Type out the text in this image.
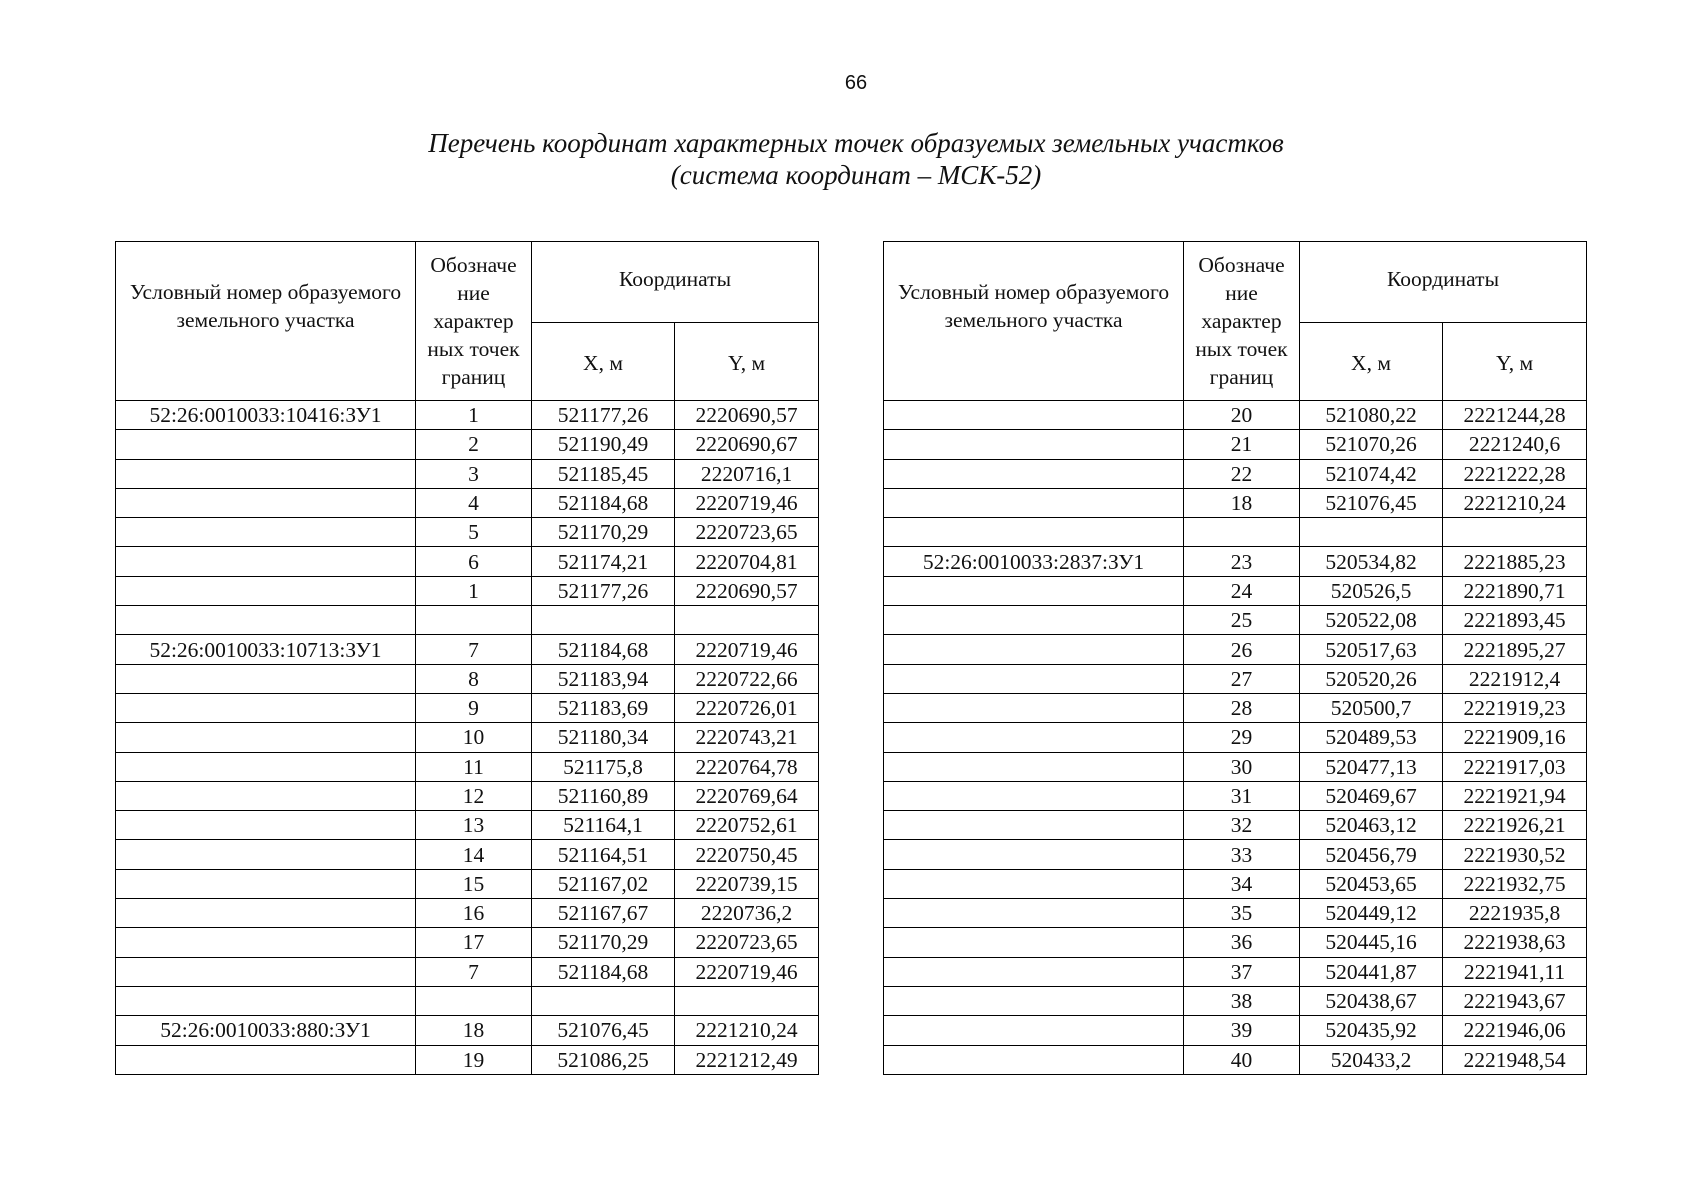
66
Перечень координат характерных точек образуемых земельных участков
(система координат – МСК-52)
Условный номер образуемого земельного участка	Обозначе ние характер ных точек границ	Координаты	
		X, м	Y, м
52:26:0010033:10416:ЗУ1	1	521177,26	2220690,57
	2	521190,49	2220690,67
	3	521185,45	2220716,1
	4	521184,68	2220719,46
	5	521170,29	2220723,65
	6	521174,21	2220704,81
	1	521177,26	2220690,57

52:26:0010033:10713:ЗУ1	7	521184,68	2220719,46
	8	521183,94	2220722,66
	9	521183,69	2220726,01
	10	521180,34	2220743,21
	11	521175,8	2220764,78
	12	521160,89	2220769,64
	13	521164,1	2220752,61
	14	521164,51	2220750,45
	15	521167,02	2220739,15
	16	521167,67	2220736,2
	17	521170,29	2220723,65
	7	521184,68	2220719,46

52:26:0010033:880:ЗУ1	18	521076,45	2221210,24
	19	521086,25	2221212,49
Условный номер образуемого земельного участка	Обозначе ние характер ных точек границ	Координаты	
		X, м	Y, м
	20	521080,22	2221244,28
	21	521070,26	2221240,6
	22	521074,42	2221222,28
	18	521076,45	2221210,24

52:26:0010033:2837:ЗУ1	23	520534,82	2221885,23
	24	520526,5	2221890,71
	25	520522,08	2221893,45
	26	520517,63	2221895,27
	27	520520,26	2221912,4
	28	520500,7	2221919,23
	29	520489,53	2221909,16
	30	520477,13	2221917,03
	31	520469,67	2221921,94
	32	520463,12	2221926,21
	33	520456,79	2221930,52
	34	520453,65	2221932,75
	35	520449,12	2221935,8
	36	520445,16	2221938,63
	37	520441,87	2221941,11
	38	520438,67	2221943,67
	39	520435,92	2221946,06
	40	520433,2	2221948,54
